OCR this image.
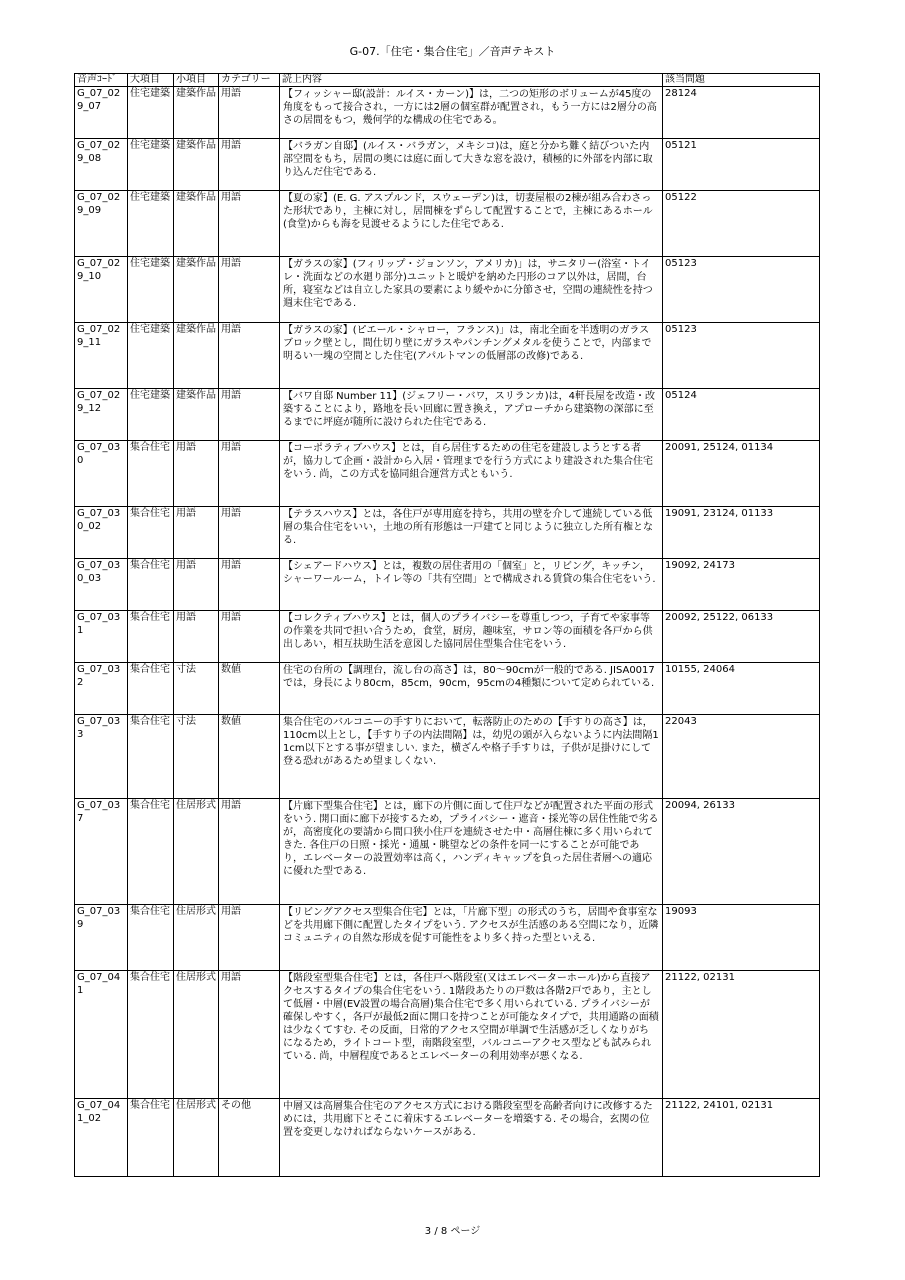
G-07.「住宅・集合住宅」／音声テキスト
音声ｺｰﾄﾞ	大項目	小項目	カテゴリー	読上内容	該当問題
G_07_029_07	住宅建築	建築作品	用語	【フィッシャー邸(設計：ルイス・カーン)】は，二つの矩形のボリュームが45度の角度をもって接合され，一方には2層の個室群が配置され，もう一方には2層分の高さの居間をもつ，幾何学的な構成の住宅である。	28124
G_07_029_08	住宅建築	建築作品	用語	【バラガン自邸】(ルイス・バラガン，メキシコ)は，庭と分かち難く結びついた内部空間をもち，居間の奥には庭に面して大きな窓を設け，積極的に外部を内部に取り込んだ住宅である.	05121
G_07_029_09	住宅建築	建築作品	用語	【夏の家】(E. G. アスプルンド，スウェーデン)は，切妻屋根の2棟が組み合わさった形状であり，主棟に対し，居間棟をずらして配置することで，主棟にあるホール(食堂)からも海を見渡せるようにした住宅である.	05122
G_07_029_10	住宅建築	建築作品	用語	【ガラスの家】(フィリップ・ジョンソン，アメリカ)」は，サニタリー(浴室・トイレ・洗面などの水廻り部分)ユニットと暖炉を納めた円形のコア以外は，居間，台所，寝室などは自立した家具の要素により緩やかに分節させ，空間の連続性を持つ週末住宅である.	05123
G_07_029_11	住宅建築	建築作品	用語	【ガラスの家】(ピエール・シャロー，フランス)」は，南北全面を半透明のガラスブロック壁とし，間仕切り壁にガラスやパンチングメタルを使うことで，内部まで明るい一塊の空間とした住宅(アパルトマンの低層部の改修)である.	05123
G_07_029_12	住宅建築	建築作品	用語	【バワ自邸 Number 11】(ジェフリー・バワ，スリランカ)は，4軒長屋を改造・改築することにより，路地を長い回廊に置き換え，アプローチから建築物の深部に至るまでに坪庭が随所に設けられた住宅である.	05124
G_07_030	集合住宅	用語	用語	【コーポラティブハウス】とは，自ら居住するための住宅を建設しようとする者が，協力して企画・設計から入居・管理までを行う方式により建設された集合住宅をいう. 尚，この方式を協同組合運営方式ともいう.	20091, 25124, 01134
G_07_030_02	集合住宅	用語	用語	【テラスハウス】とは，各住戸が専用庭を持ち，共用の壁を介して連続している低層の集合住宅をいい，土地の所有形態は一戸建てと同じように独立した所有権となる.	19091, 23124, 01133
G_07_030_03	集合住宅	用語	用語	【シェアードハウス】とは，複数の居住者用の「個室」と，リビング，キッチン，シャーワールーム，トイレ等の「共有空間」とで構成される賃貸の集合住宅をいう.	19092, 24173
G_07_031	集合住宅	用語	用語	【コレクティブハウス】とは，個人のプライバシーを尊重しつつ，子育てや家事等の作業を共同で担い合うため，食堂，厨房，趣味室，サロン等の面積を各戸から供出しあい，相互扶助生活を意図した協同居住型集合住宅をいう.	20092, 25122, 06133
G_07_032	集合住宅	寸法	数値	住宅の台所の【調理台，流し台の高さ】は，80～90cmが一般的である. JISA0017では，身長により80cm，85cm，90cm，95cmの4種類について定められている.	10155, 24064
G_07_033	集合住宅	寸法	数値	集合住宅のバルコニーの手すりにおいて，転落防止のための【手すりの高さ】は，110cm以上とし，【手すり子の内法間隔】は，幼児の頭が入らないように内法間隔11cm以下とする事が望ましい. また，横ざんや格子手すりは，子供が足掛けにして登る恐れがあるため望ましくない.	22043
G_07_037	集合住宅	住居形式	用語	【片廊下型集合住宅】とは，廊下の片側に面して住戸などが配置された平面の形式をいう. 開口面に廊下が接するため，プライバシー・遮音・採光等の居住性能で劣るが，高密度化の要請から間口狭小住戸を連続させた中・高層住棟に多く用いられてきた. 各住戸の日照・採光・通風・眺望などの条件を同一にすることが可能であり，エレベーターの設置効率は高く，ハンディキャップを負った居住者層への適応に優れた型である.	20094, 26133
G_07_039	集合住宅	住居形式	用語	【リビングアクセス型集合住宅】とは，「片廊下型」の形式のうち，居間や食事室などを共用廊下側に配置したタイプをいう. アクセスが生活感のある空間になり，近隣コミュニティの自然な形成を促す可能性をより多く持った型といえる.	19093
G_07_041	集合住宅	住居形式	用語	【階段室型集合住宅】とは，各住戸へ階段室(又はエレベーターホール)から直接アクセスするタイプの集合住宅をいう. 1階段あたりの戸数は各階2戸であり，主として低層・中層(EV設置の場合高層)集合住宅で多く用いられている. プライバシーが確保しやすく，各戸が最低2面に開口を持つことが可能なタイプで，共用通路の面積は少なくてすむ. その反面，日常的アクセス空間が単調で生活感が乏しくなりがちになるため，ライトコート型，南階段室型，バルコニーアクセス型なども試みられている. 尚，中層程度であるとエレベーターの利用効率が悪くなる.	21122, 02131
G_07_041_02	集合住宅	住居形式	その他	中層又は高層集合住宅のアクセス方式における階段室型を高齢者向けに改修するためには，共用廊下とそこに着床するエレベーターを増築する. その場合，玄関の位置を変更しなければならないケースがある.	21122, 24101, 02131
3 / 8 ページ
